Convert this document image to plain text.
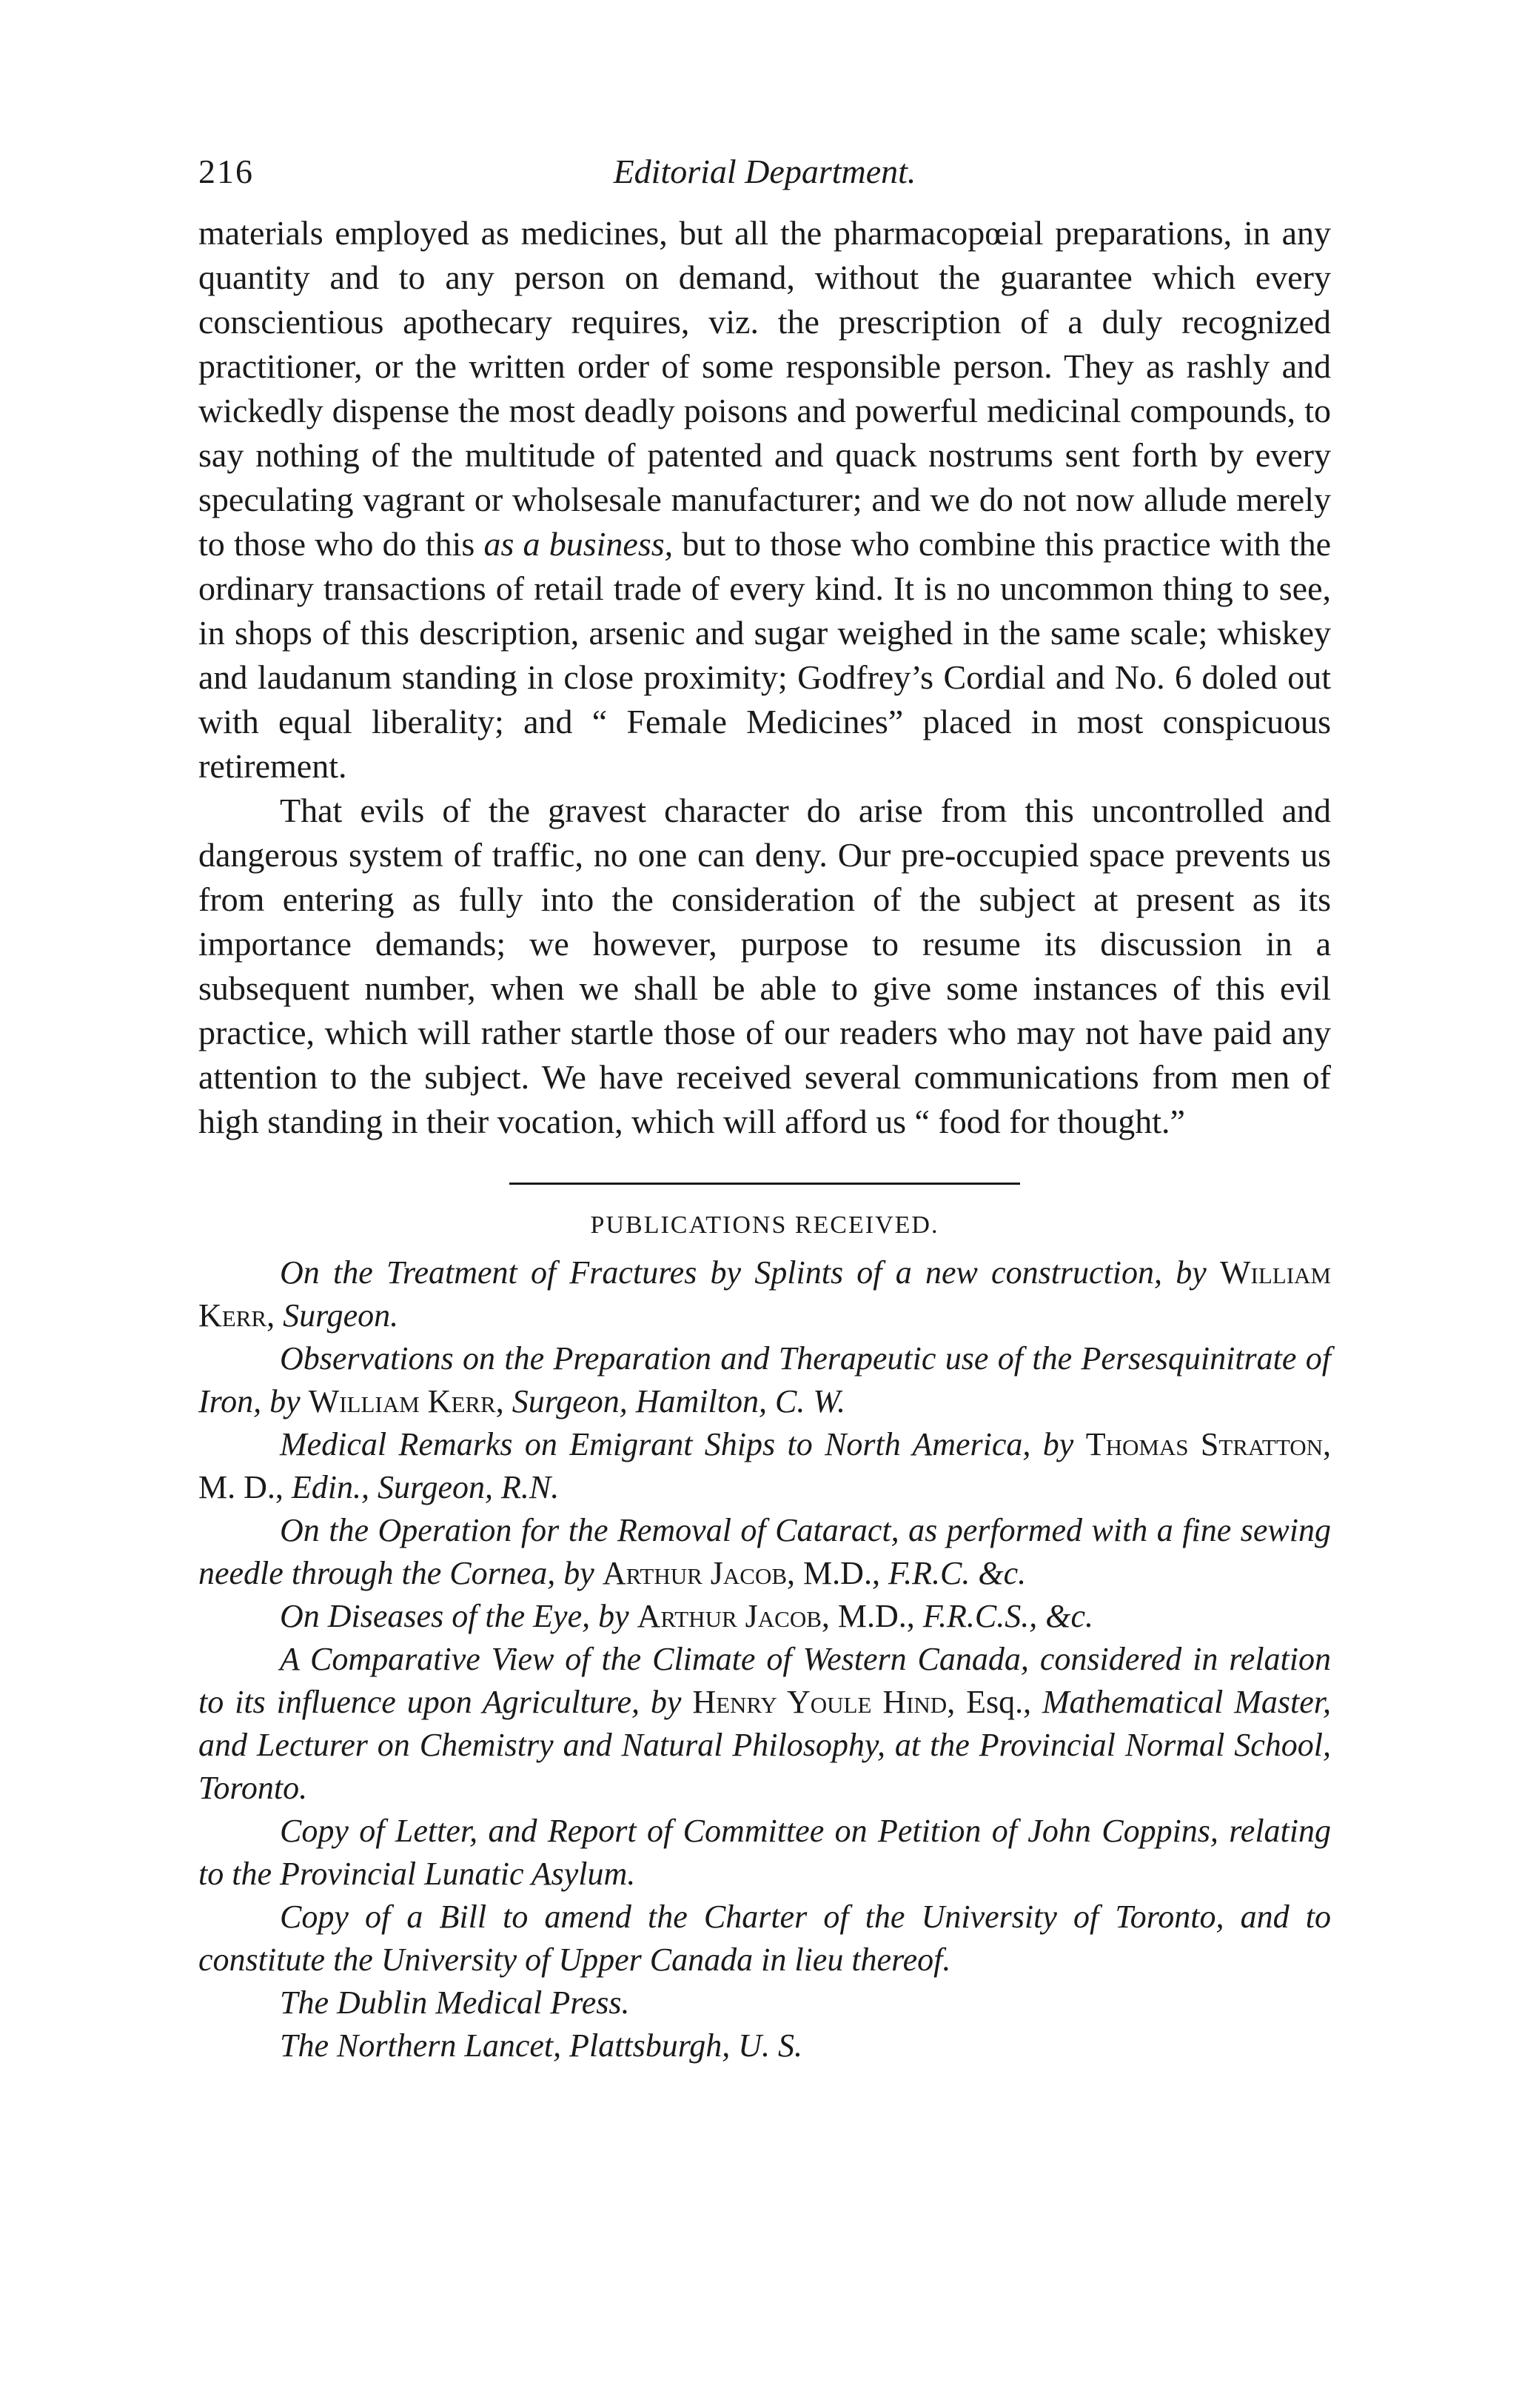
216	Editorial Department.

materials employed as medicines, but all the pharmacopœial preparations, in any quantity and to any person on demand, without the guarantee which every conscientious apothecary requires, viz. the prescription of a duly recognized practitioner, or the written order of some responsible person. They as rashly and wickedly dispense the most deadly poisons and powerful medicinal compounds, to say nothing of the multitude of patented and quack nostrums sent forth by every speculating vagrant or wholsesale manufacturer; and we do not now allude merely to those who do this as a business, but to those who combine this practice with the ordinary transactions of retail trade of every kind. It is no uncommon thing to see, in shops of this description, arsenic and sugar weighed in the same scale; whiskey and laudanum standing in close proximity; Godfrey’s Cordial and No. 6 doled out with equal liberality; and “ Female Medicines” placed in most conspicuous retirement.

That evils of the gravest character do arise from this uncontrolled and dangerous system of traffic, no one can deny. Our pre-occupied space prevents us from entering as fully into the consideration of the subject at present as its importance demands; we however, purpose to resume its discussion in a subsequent number, when we shall be able to give some instances of this evil practice, which will rather startle those of our readers who may not have paid any attention to the subject. We have received several communications from men of high standing in their vocation, which will afford us “ food for thought.”

PUBLICATIONS RECEIVED.
On the Treatment of Fractures by Splints of a new construction, by William Kerr, Surgeon.
Observations on the Preparation and Therapeutic use of the Persesquinitrate of Iron, by William Kerr, Surgeon, Hamilton, C. W.
Medical Remarks on Emigrant Ships to North America, by Thomas Stratton, M. D., Edin., Surgeon, R.N.
On the Operation for the Removal of Cataract, as performed with a fine sewing needle through the Cornea, by Arthur Jacob, M.D., F.R.C. &c.
On Diseases of the Eye, by Arthur Jacob, M.D., F.R.C.S., &c.
A Comparative View of the Climate of Western Canada, considered in relation to its influence upon Agriculture, by Henry Youle Hind, Esq., Mathematical Master, and Lecturer on Chemistry and Natural Philosophy, at the Provincial Normal School, Toronto.
Copy of Letter, and Report of Committee on Petition of John Coppins, relating to the Provincial Lunatic Asylum.
Copy of a Bill to amend the Charter of the University of Toronto, and to constitute the University of Upper Canada in lieu thereof.
The Dublin Medical Press.
The Northern Lancet, Plattsburgh, U. S.
